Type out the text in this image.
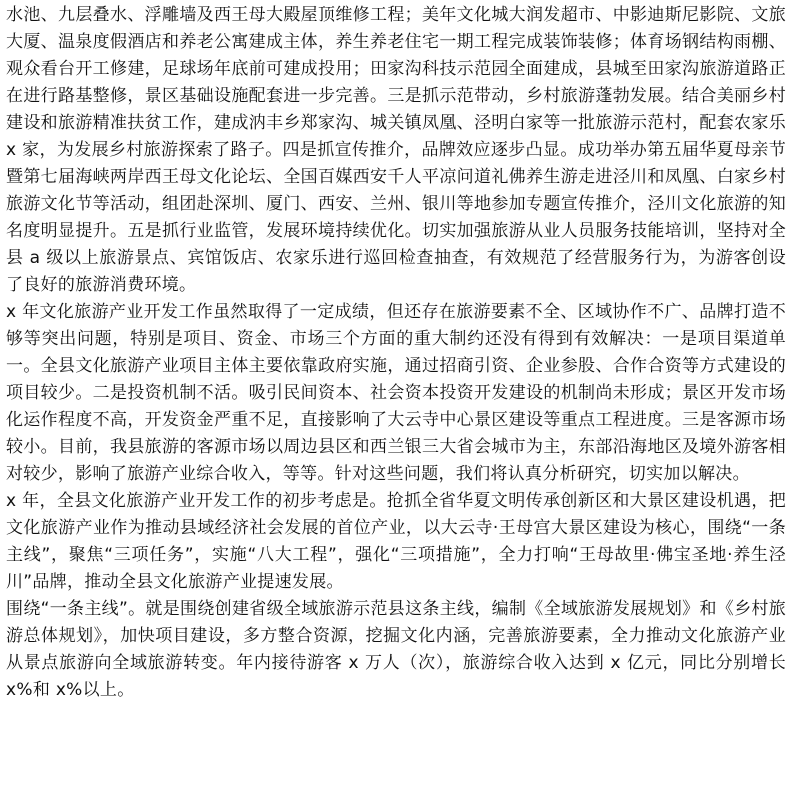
水池、九层叠水、浮雕墙及西王母大殿屋顶维修工程；美年文化城大润发超市、中影迪斯尼影院、文旅大厦、温泉度假酒店和养老公寓建成主体，养生养老住宅一期工程完成装饰装修；体育场钢结构雨棚、观众看台开工修建，足球场年底前可建成投用；田家沟科技示范园全面建成，县城至田家沟旅游道路正在进行路基整修，景区基础设施配套进一步完善。三是抓示范带动，乡村旅游蓬勃发展。结合美丽乡村建设和旅游精准扶贫工作，建成汭丰乡郑家沟、城关镇凤凰、泾明白家等一批旅游示范村，配套农家乐 x 家，为发展乡村旅游探索了路子。四是抓宣传推介，品牌效应逐步凸显。成功举办第五届华夏母亲节暨第七届海峡两岸西王母文化论坛、全国百媒西安千人平凉问道礼佛养生游走进泾川和凤凰、白家乡村旅游文化节等活动，组团赴深圳、厦门、西安、兰州、银川等地参加专题宣传推介，泾川文化旅游的知名度明显提升。五是抓行业监管，发展环境持续优化。切实加强旅游从业人员服务技能培训，坚持对全县 a 级以上旅游景点、宾馆饭店、农家乐进行巡回检查抽查，有效规范了经营服务行为，为游客创设了良好的旅游消费环境。

x 年文化旅游产业开发工作虽然取得了一定成绩，但还存在旅游要素不全、区域协作不广、品牌打造不够等突出问题，特别是项目、资金、市场三个方面的重大制约还没有得到有效解决：一是项目渠道单一。全县文化旅游产业项目主体主要依靠政府实施，通过招商引资、企业参股、合作合资等方式建设的项目较少。二是投资机制不活。吸引民间资本、社会资本投资开发建设的机制尚未形成；景区开发市场化运作程度不高，开发资金严重不足，直接影响了大云寺中心景区建设等重点工程进度。三是客源市场较小。目前，我县旅游的客源市场以周边县区和西兰银三大省会城市为主，东部沿海地区及境外游客相对较少，影响了旅游产业综合收入，等等。针对这些问题，我们将认真分析研究，切实加以解决。

x 年，全县文化旅游产业开发工作的初步考虑是。抢抓全省华夏文明传承创新区和大景区建设机遇，把文化旅游产业作为推动县域经济社会发展的首位产业，以大云寺·王母宫大景区建设为核心，围绕“一条主线”，聚焦“三项任务”，实施“八大工程”，强化“三项措施”，全力打响“王母故里·佛宝圣地·养生泾川”品牌，推动全县文化旅游产业提速发展。

围绕“一条主线”。就是围绕创建省级全域旅游示范县这条主线，编制《全域旅游发展规划》和《乡村旅游总体规划》，加快项目建设，多方整合资源，挖掘文化内涵，完善旅游要素，全力推动文化旅游产业从景点旅游向全域旅游转变。年内接待游客 x 万人（次），旅游综合收入达到 x 亿元，同比分别增长 x%和 x%以上。
